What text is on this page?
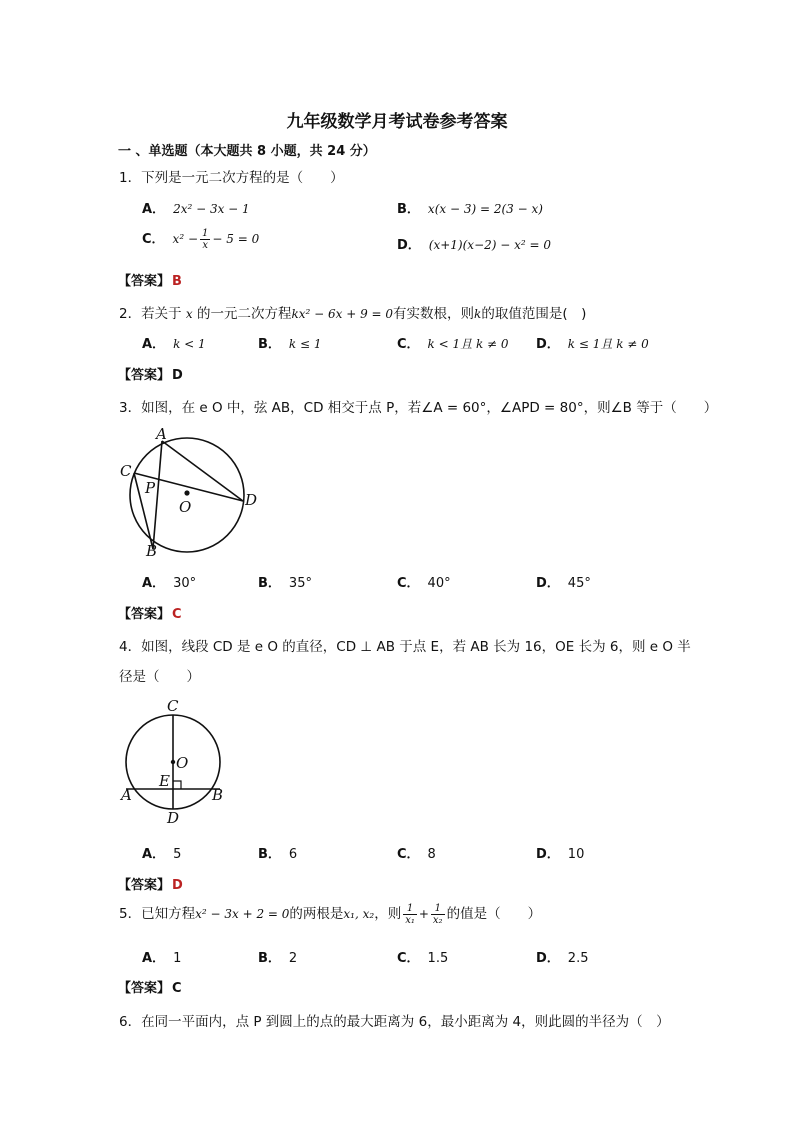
九年级数学月考试卷参考答案
一 、单选题（本大题共 8 小题，共 24 分）
1．下列是一元二次方程的是（　　）
A． 2x² − 3x − 1	B． x(x − 3) = 2(3 − x)
C． $x^2 - \frac{1}{x} - 5 = 0$	D． (x+1)(x−2) − x² = 0
【答案】 B
2．若关于 x 的一元二次方程kx² − 6x + 9 = 0有实数根，则k的取值范围是(　)
A． k < 1	B． k ≤ 1	C． k < 1且 k ≠ 0 D． k ≤ 1且 k ≠ 0
【答案】 D
3．如图，在 e O 中，弦 AB，CD 相交于点 P，若∠A = 60°，∠APD = 80°，则∠B 等于（　　）
A
C
P
O	D
B
A． 30°	B． 35°	C． 40°	D． 45°
【答案】 C
4．如图，线段 CD 是 e O 的直径，CD ⊥ AB 于点 E，若 AB 长为 16，OE 长为 6，则 e O 半
径是（　　）
C
O
E
A	B
D
A． 5	B． 6	C． 8	D． 10
【答案】 D
5．已知方程x² − 3x + 2 = 0的两根是x₁, x₂，则 $\frac{1}{\text{x₁}} + \frac{1}{\text{x₂}}$ 的值是（　　）
A． 1	B． 2	C． 1.5	D． 2.5
【答案】 C
6．在同一平面内，点 P 到圆上的点的最大距离为 6，最小距离为 4，则此圆的半径为（　）
